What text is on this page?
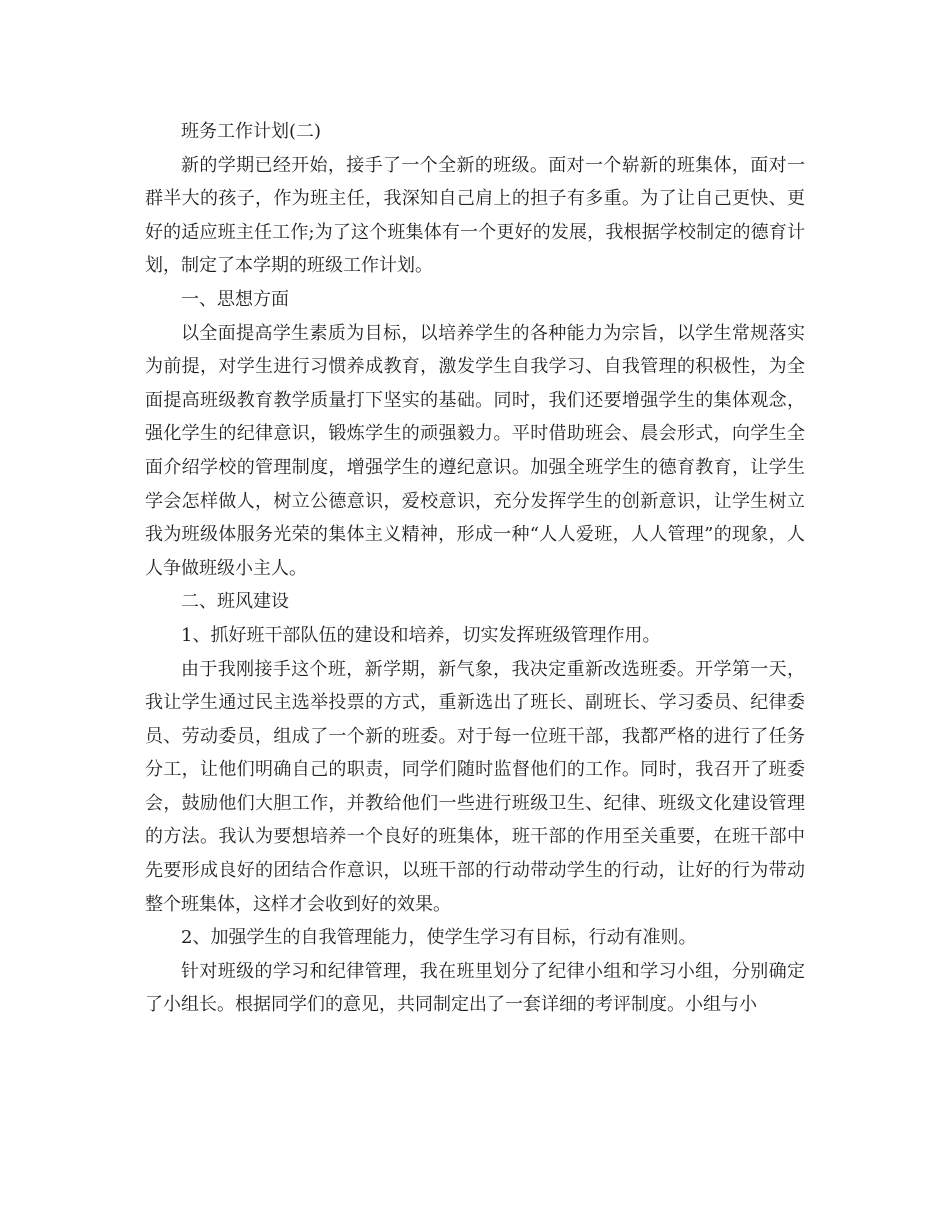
班务工作计划(二)

新的学期已经开始，接手了一个全新的班级。面对一个崭新的班集体，面对一群半大的孩子，作为班主任，我深知自己肩上的担子有多重。为了让自己更快、更好的适应班主任工作;为了这个班集体有一个更好的发展，我根据学校制定的德育计划，制定了本学期的班级工作计划。

一、思想方面

以全面提高学生素质为目标，以培养学生的各种能力为宗旨，以学生常规落实为前提，对学生进行习惯养成教育，激发学生自我学习、自我管理的积极性，为全面提高班级教育教学质量打下坚实的基础。同时，我们还要增强学生的集体观念，强化学生的纪律意识，锻炼学生的顽强毅力。平时借助班会、晨会形式，向学生全面介绍学校的管理制度，增强学生的遵纪意识。加强全班学生的德育教育，让学生学会怎样做人，树立公德意识，爱校意识，充分发挥学生的创新意识，让学生树立我为班级体服务光荣的集体主义精神，形成一种“人人爱班，人人管理”的现象，人人争做班级小主人。

二、班风建设

1、抓好班干部队伍的建设和培养，切实发挥班级管理作用。

由于我刚接手这个班，新学期，新气象，我决定重新改选班委。开学第一天，我让学生通过民主选举投票的方式，重新选出了班长、副班长、学习委员、纪律委员、劳动委员，组成了一个新的班委。对于每一位班干部，我都严格的进行了任务分工，让他们明确自己的职责，同学们随时监督他们的工作。同时，我召开了班委会，鼓励他们大胆工作，并教给他们一些进行班级卫生、纪律、班级文化建设管理的方法。我认为要想培养一个良好的班集体，班干部的作用至关重要，在班干部中先要形成良好的团结合作意识，以班干部的行动带动学生的行动，让好的行为带动整个班集体，这样才会收到好的效果。

2、加强学生的自我管理能力，使学生学习有目标，行动有准则。

针对班级的学习和纪律管理，我在班里划分了纪律小组和学习小组，分别确定了小组长。根据同学们的意见，共同制定出了一套详细的考评制度。小组与小
